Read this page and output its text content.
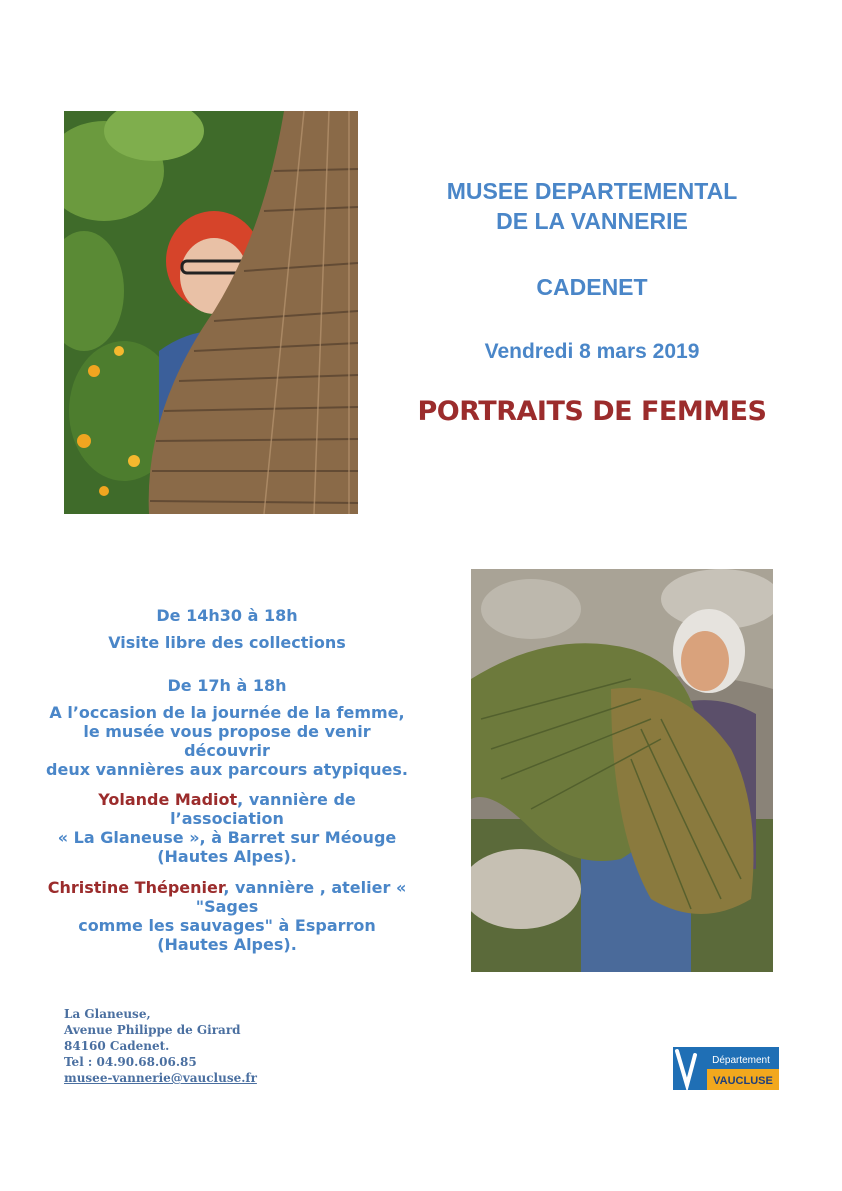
MUSEE DEPARTEMENTAL
DE LA VANNERIE
CADENET
Vendredi 8 mars 2019
PORTRAITS DE FEMMES
De 14h30 à 18h
Visite libre des collections
De 17h à 18h
A l’occasion de la journée de la femme,
le musée vous propose de venir découvrir
deux vannières aux parcours atypiques.
Yolande Madiot, vannière de l’association
« La Glaneuse », à Barret sur Méouge
(Hautes Alpes).
Christine Thépenier, vannière , atelier « "Sages
comme les sauvages" à Esparron
(Hautes Alpes).
La Glaneuse,
Avenue Philippe de Girard
84160 Cadenet.
Tel : 04.90.68.06.85
musee-vannerie@vaucluse.fr
Département
VAUCLUSE
